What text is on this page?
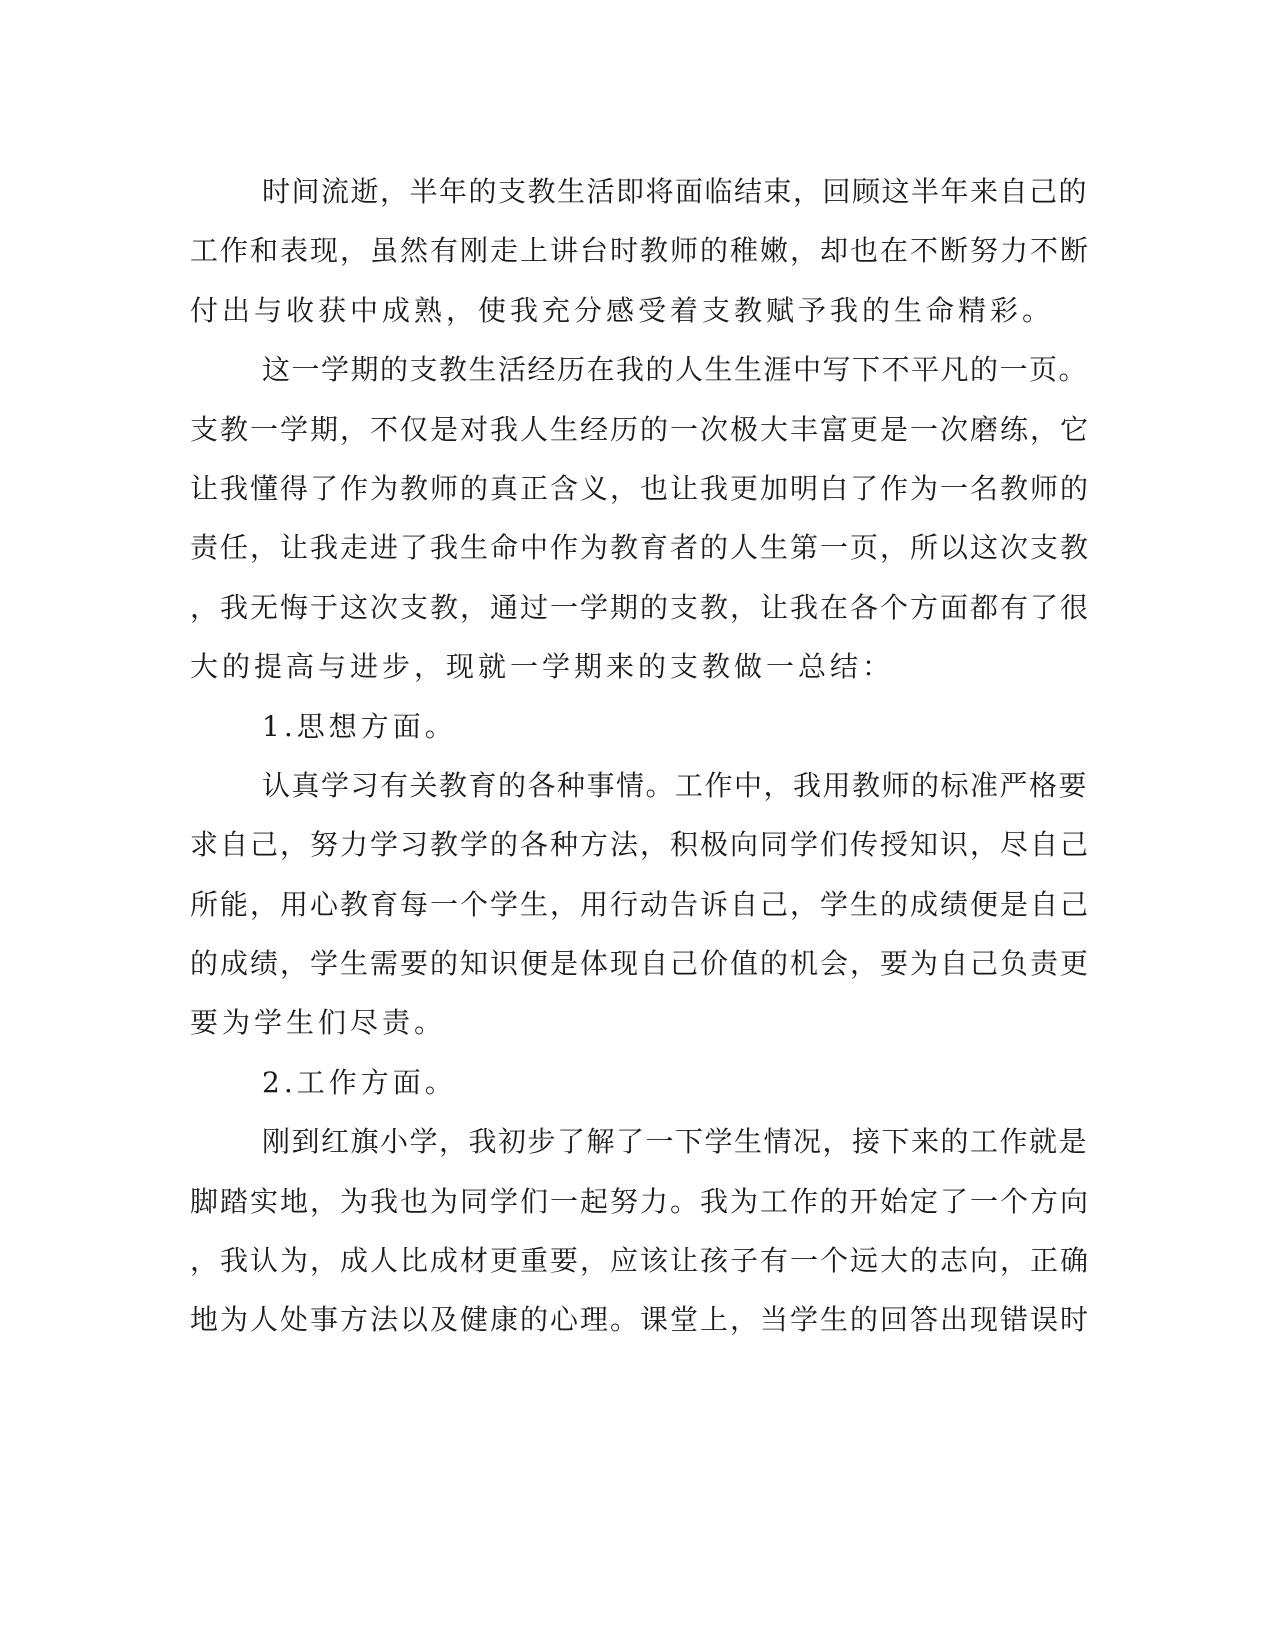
时间流逝，半年的支教生活即将面临结束，回顾这半年来自己的
工作和表现，虽然有刚走上讲台时教师的稚嫩，却也在不断努力不断
付出与收获中成熟，使我充分感受着支教赋予我的生命精彩。
这一学期的支教生活经历在我的人生生涯中写下不平凡的一页。
支教一学期，不仅是对我人生经历的一次极大丰富更是一次磨练，它
让我懂得了作为教师的真正含义，也让我更加明白了作为一名教师的
责任，让我走进了我生命中作为教育者的人生第一页，所以这次支教
，我无悔于这次支教，通过一学期的支教，让我在各个方面都有了很
大的提高与进步，现就一学期来的支教做一总结：
1.思想方面。
认真学习有关教育的各种事情。工作中，我用教师的标准严格要
求自己，努力学习教学的各种方法，积极向同学们传授知识，尽自己
所能，用心教育每一个学生，用行动告诉自己，学生的成绩便是自己
的成绩，学生需要的知识便是体现自己价值的机会，要为自己负责更
要为学生们尽责。
2.工作方面。
刚到红旗小学，我初步了解了一下学生情况，接下来的工作就是
脚踏实地，为我也为同学们一起努力。我为工作的开始定了一个方向
，我认为，成人比成材更重要，应该让孩子有一个远大的志向，正确
地为人处事方法以及健康的心理。课堂上，当学生的回答出现错误时
